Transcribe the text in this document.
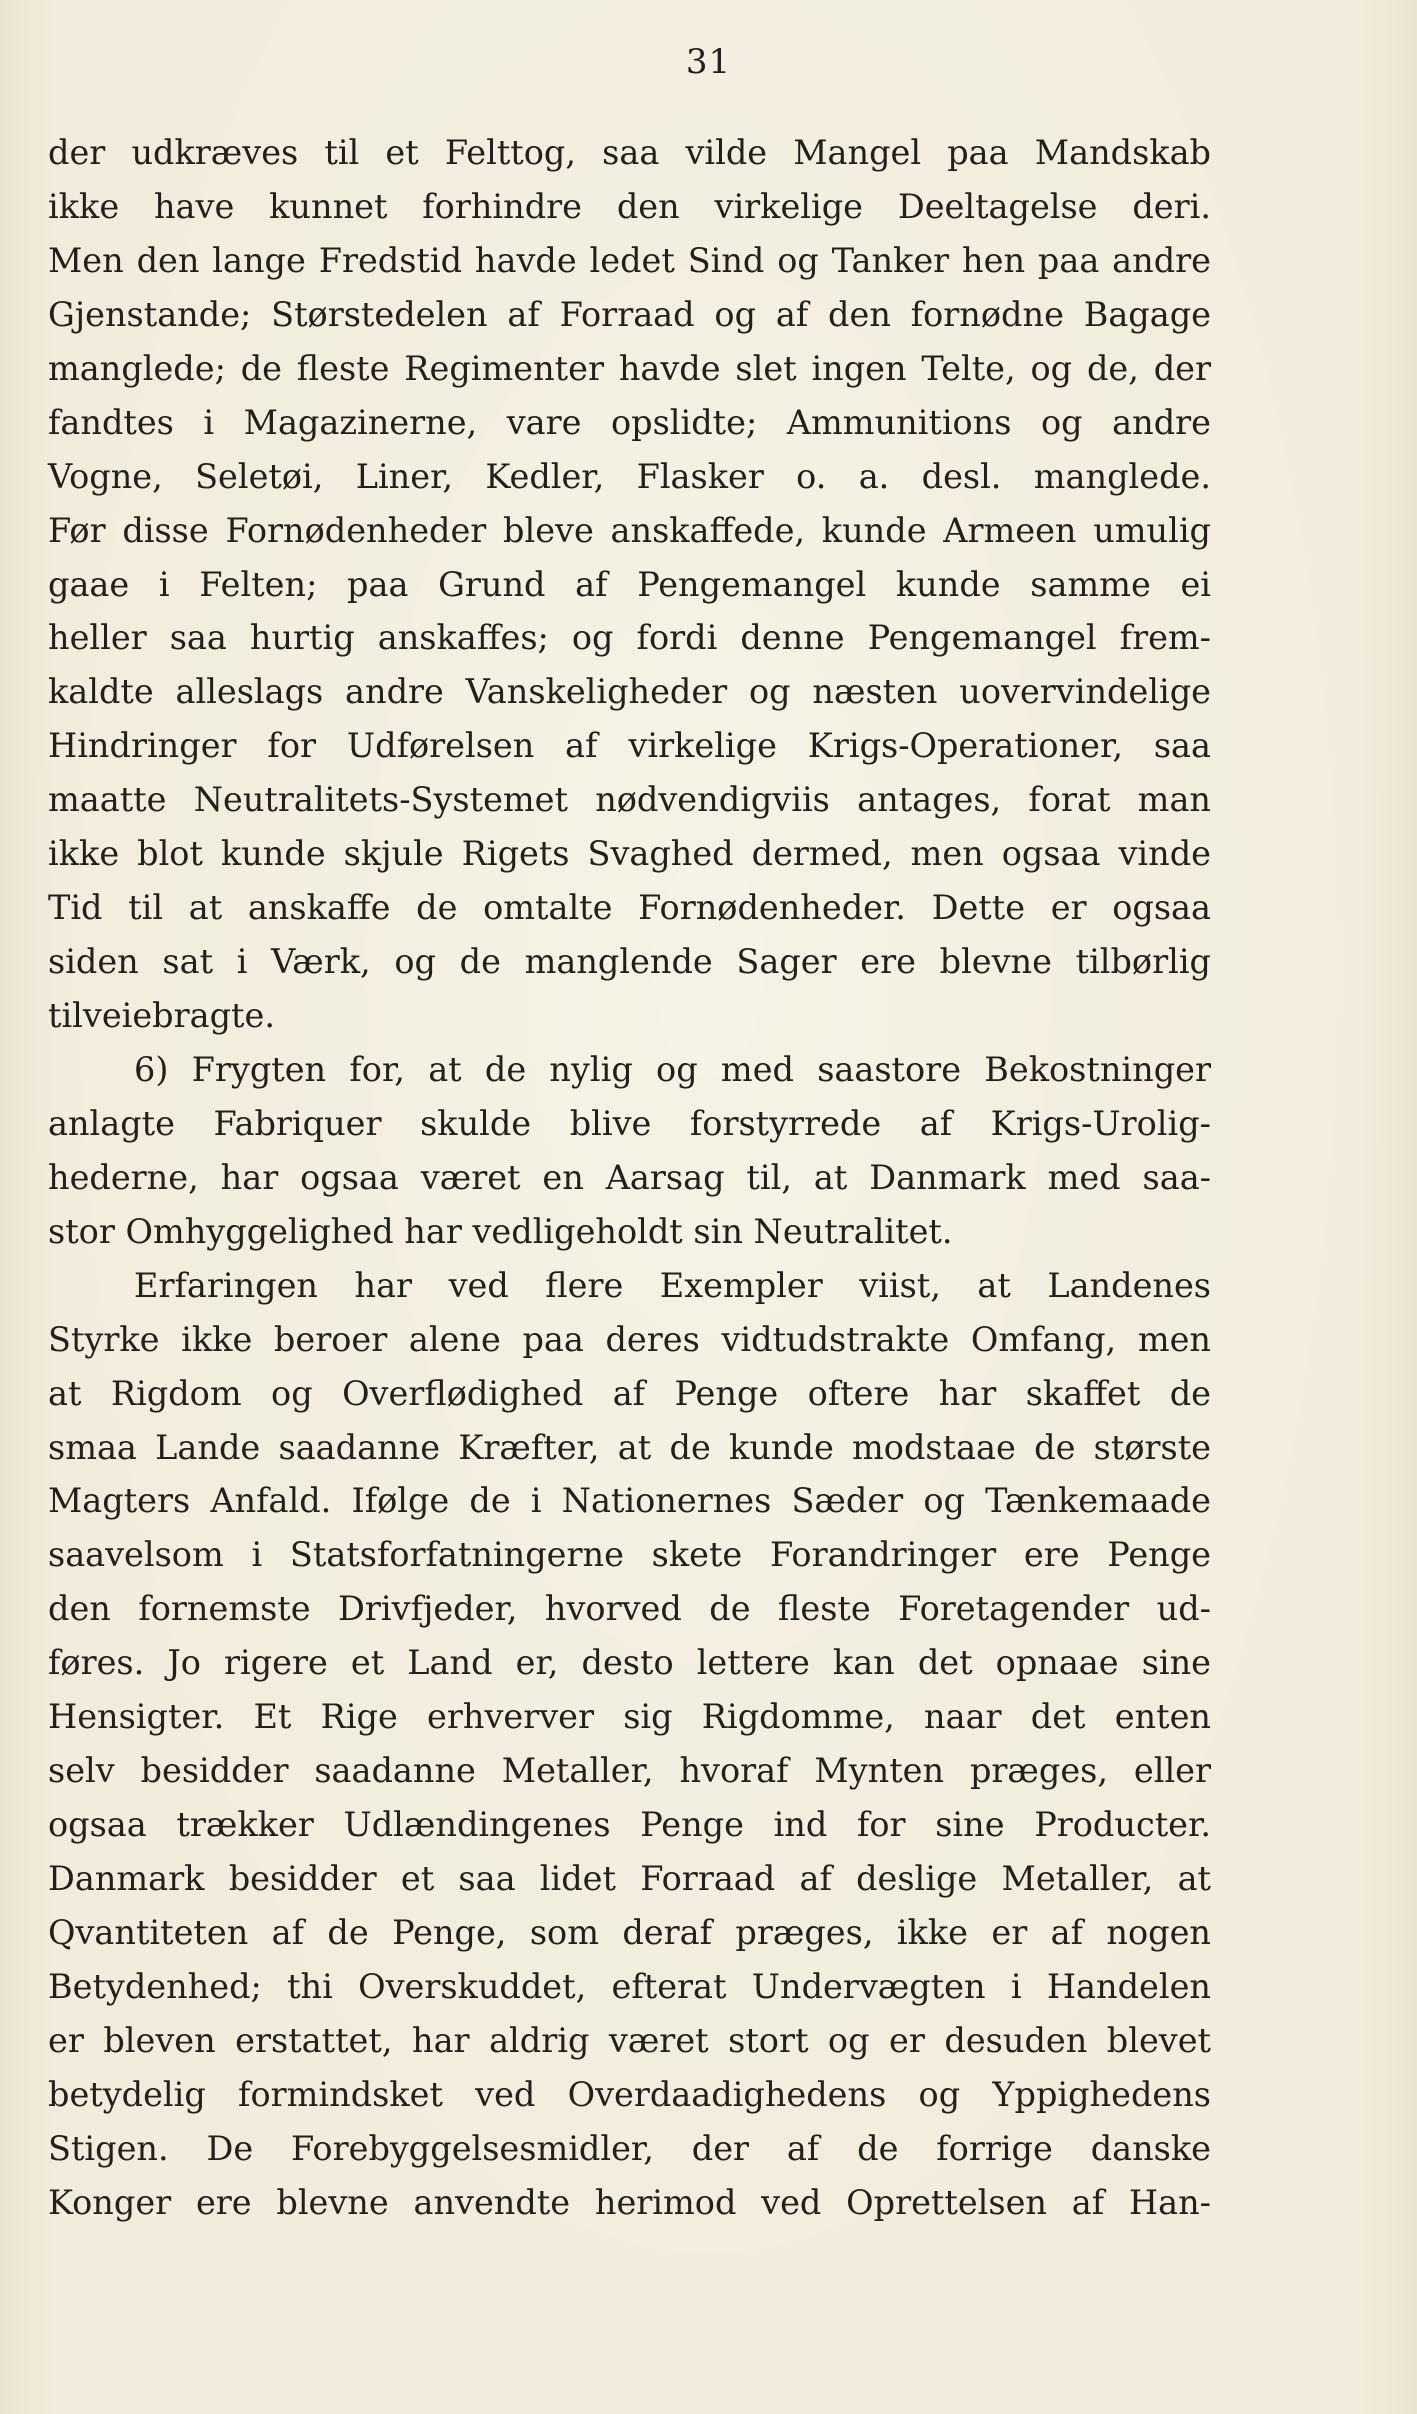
31
der udkræves til et Felttog, saa vilde Mangel paa Mandskab
ikke have kunnet forhindre den virkelige Deeltagelse deri.
Men den lange Fredstid havde ledet Sind og Tanker hen paa andre
Gjenstande; Størstedelen af Forraad og af den fornødne Bagage
manglede; de fleste Regimenter havde slet ingen Telte, og de, der
fandtes i Magazinerne, vare opslidte; Ammunitions og andre
Vogne, Seletøi, Liner, Kedler, Flasker o. a. desl. manglede.
Før disse Fornødenheder bleve anskaffede, kunde Armeen umulig
gaae i Felten; paa Grund af Pengemangel kunde samme ei
heller saa hurtig anskaffes; og fordi denne Pengemangel frem-
kaldte alleslags andre Vanskeligheder og næsten uovervindelige
Hindringer for Udførelsen af virkelige Krigs-Operationer, saa
maatte Neutralitets-Systemet nødvendigviis antages, forat man
ikke blot kunde skjule Rigets Svaghed dermed, men ogsaa vinde
Tid til at anskaffe de omtalte Fornødenheder. Dette er ogsaa
siden sat i Værk, og de manglende Sager ere blevne tilbørlig
tilveiebragte.
6) Frygten for, at de nylig og med saastore Bekostninger
anlagte Fabriquer skulde blive forstyrrede af Krigs-Urolig-
hederne, har ogsaa været en Aarsag til, at Danmark med saa-
stor Omhyggelighed har vedligeholdt sin Neutralitet.
Erfaringen har ved flere Exempler viist, at Landenes
Styrke ikke beroer alene paa deres vidtudstrakte Omfang, men
at Rigdom og Overflødighed af Penge oftere har skaffet de
smaa Lande saadanne Kræfter, at de kunde modstaae de største
Magters Anfald. Ifølge de i Nationernes Sæder og Tænkemaade
saavelsom i Statsforfatningerne skete Forandringer ere Penge
den fornemste Drivfjeder, hvorved de fleste Foretagender ud-
føres. Jo rigere et Land er, desto lettere kan det opnaae sine
Hensigter. Et Rige erhverver sig Rigdomme, naar det enten
selv besidder saadanne Metaller, hvoraf Mynten præges, eller
ogsaa trækker Udlændingenes Penge ind for sine Producter.
Danmark besidder et saa lidet Forraad af deslige Metaller, at
Qvantiteten af de Penge, som deraf præges, ikke er af nogen
Betydenhed; thi Overskuddet, efterat Undervægten i Handelen
er bleven erstattet, har aldrig været stort og er desuden blevet
betydelig formindsket ved Overdaadighedens og Yppighedens
Stigen. De Forebyggelsesmidler, der af de forrige danske
Konger ere blevne anvendte herimod ved Oprettelsen af Han-
